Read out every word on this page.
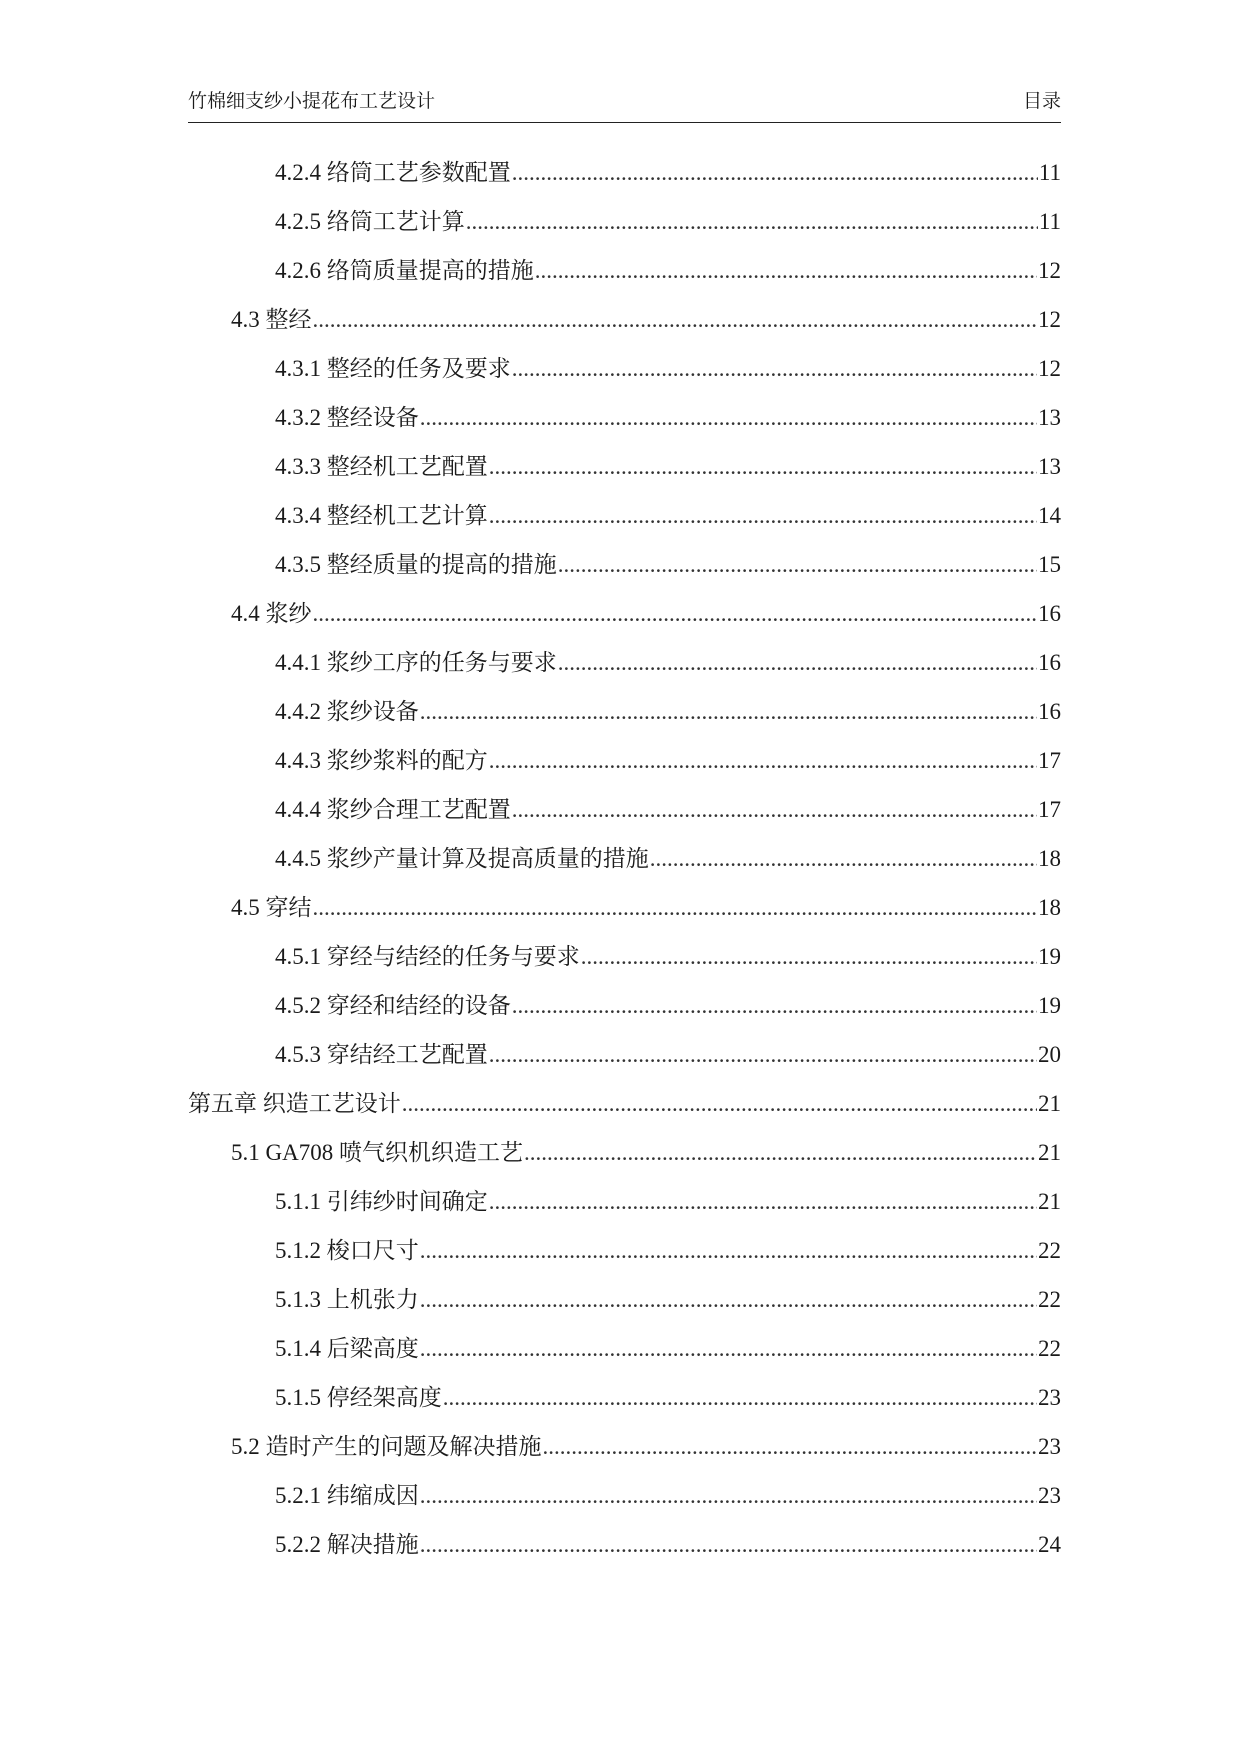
竹棉细支纱小提花布工艺设计	目录
4.2.4 络筒工艺参数配置 .....	11
4.2.5 络筒工艺计算 .....	11
4.2.6 络筒质量提高的措施 .....	12
4.3 整经 .....	12
4.3.1 整经的任务及要求 .....	12
4.3.2 整经设备 .....	13
4.3.3 整经机工艺配置 .....	13
4.3.4 整经机工艺计算 .....	14
4.3.5 整经质量的提高的措施 .....	15
4.4 浆纱 .....	16
4.4.1 浆纱工序的任务与要求 .....	16
4.4.2 浆纱设备 .....	16
4.4.3 浆纱浆料的配方 .....	17
4.4.4 浆纱合理工艺配置 .....	17
4.4.5 浆纱产量计算及提高质量的措施 .....	18
4.5 穿结 .....	18
4.5.1 穿经与结经的任务与要求 .....	19
4.5.2 穿经和结经的设备 .....	19
4.5.3 穿结经工艺配置 .....	20
第五章 织造工艺设计 .....	21
5.1 GA708 喷气织机织造工艺 .....	21
5.1.1 引纬纱时间确定 .....	21
5.1.2 梭口尺寸 .....	22
5.1.3 上机张力 .....	22
5.1.4 后梁高度 .....	22
5.1.5 停经架高度 .....	23
5.2 造时产生的问题及解决措施 .....	23
5.2.1 纬缩成因 .....	23
5.2.2 解决措施 .....	24
